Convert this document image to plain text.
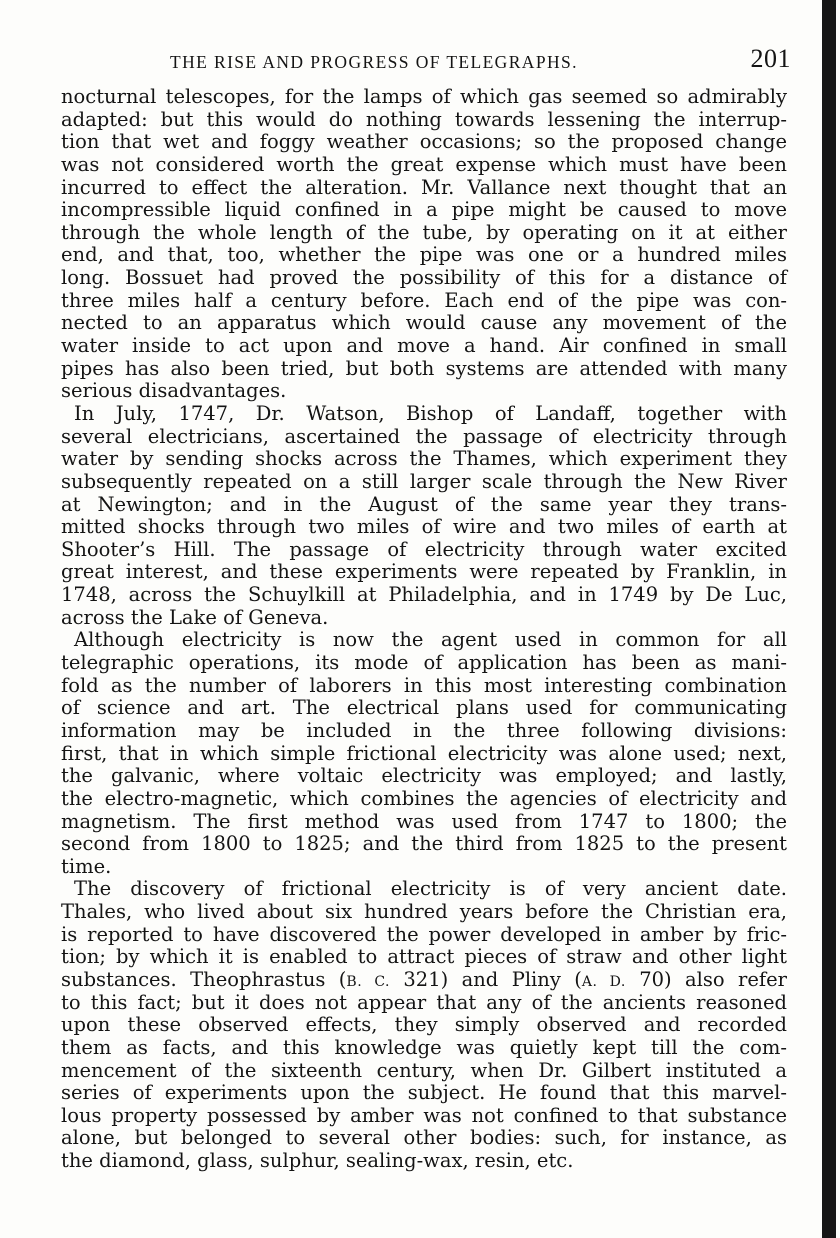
THE RISE AND PROGRESS OF TELEGRAPHS.	201
nocturnal telescopes, for the lamps of which gas seemed so admirably
adapted: but this would do nothing towards lessening the interrup-
tion that wet and foggy weather occasions; so the proposed change
was not considered worth the great expense which must have been
incurred to effect the alteration. Mr. Vallance next thought that an
incompressible liquid confined in a pipe might be caused to move
through the whole length of the tube, by operating on it at either
end, and that, too, whether the pipe was one or a hundred miles
long. Bossuet had proved the possibility of this for a distance of
three miles half a century before. Each end of the pipe was con-
nected to an apparatus which would cause any movement of the
water inside to act upon and move a hand. Air confined in small
pipes has also been tried, but both systems are attended with many
serious disadvantages.
In July, 1747, Dr. Watson, Bishop of Landaff, together with
several electricians, ascertained the passage of electricity through
water by sending shocks across the Thames, which experiment they
subsequently repeated on a still larger scale through the New River
at Newington; and in the August of the same year they trans-
mitted shocks through two miles of wire and two miles of earth at
Shooter’s Hill. The passage of electricity through water excited
great interest, and these experiments were repeated by Franklin, in
1748, across the Schuylkill at Philadelphia, and in 1749 by De Luc,
across the Lake of Geneva.
Although electricity is now the agent used in common for all
telegraphic operations, its mode of application has been as mani-
fold as the number of laborers in this most interesting combination
of science and art. The electrical plans used for communicating
information may be included in the three following divisions:
first, that in which simple frictional electricity was alone used; next,
the galvanic, where voltaic electricity was employed; and lastly,
the electro-magnetic, which combines the agencies of electricity and
magnetism. The first method was used from 1747 to 1800; the
second from 1800 to 1825; and the third from 1825 to the present
time.
The discovery of frictional electricity is of very ancient date.
Thales, who lived about six hundred years before the Christian era,
is reported to have discovered the power developed in amber by fric-
tion; by which it is enabled to attract pieces of straw and other light
substances. Theophrastus (B. C. 321) and Pliny (A. D. 70) also refer
to this fact; but it does not appear that any of the ancients reasoned
upon these observed effects, they simply observed and recorded
them as facts, and this knowledge was quietly kept till the com-
mencement of the sixteenth century, when Dr. Gilbert instituted a
series of experiments upon the subject. He found that this marvel-
lous property possessed by amber was not confined to that substance
alone, but belonged to several other bodies: such, for instance, as
the diamond, glass, sulphur, sealing-wax, resin, etc.
